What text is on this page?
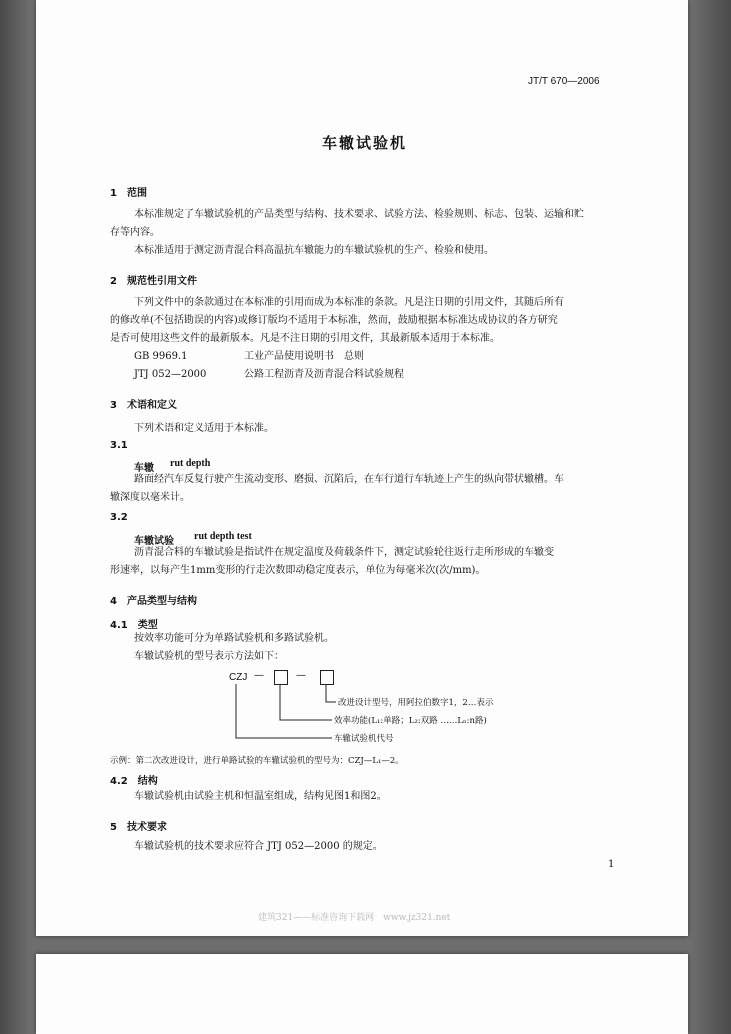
JT/T 670—2006
车辙试验机
1　范围
本标准规定了车辙试验机的产品类型与结构、技术要求、试验方法、检验规则、标志、包装、运输和贮
存等内容。
本标准适用于测定沥青混合料高温抗车辙能力的车辙试验机的生产、检验和使用。
2　规范性引用文件
下列文件中的条款通过在本标准的引用而成为本标准的条款。凡是注日期的引用文件，其随后所有
的修改单(不包括勘误的内容)或修订版均不适用于本标准，然而，鼓励根据本标准达成协议的各方研究
是否可使用这些文件的最新版本。凡是不注日期的引用文件，其最新版本适用于本标准。
GB 9969.1	工业产品使用说明书　总则
JTJ 052—2000	公路工程沥青及沥青混合料试验规程
3　术语和定义
下列术语和定义适用于本标准。
3.1
车辙 rut depth
路面经汽车反复行驶产生流动变形、磨损、沉陷后，在车行道行车轨迹上产生的纵向带状辙槽。车
辙深度以毫米计。
3.2
车辙试验 rut depth test
沥青混合料的车辙试验是指试件在规定温度及荷载条件下，测定试验轮往返行走所形成的车辙变
形速率，以每产生1mm变形的行走次数即动稳定度表示，单位为每毫米次(次/mm)。
4　产品类型与结构
4.1　类型
按效率功能可分为单路试验机和多路试验机。
车辙试验机的型号表示方法如下：
CZJ —	—
改进设计型号，用阿拉伯数字1，2…表示
效率功能(L₁:单路；L₂:双路 ……Lₙ:n路)
车辙试验机代号
示例：第二次改进设计，进行单路试验的车辙试验机的型号为：CZJ—L₁—2。
4.2　结构
车辙试验机由试验主机和恒温室组成，结构见图1和图2。
5　技术要求
车辙试验机的技术要求应符合 JTJ 052—2000 的规定。
1
建筑321——标准咨询下载网　www.jz321.net
